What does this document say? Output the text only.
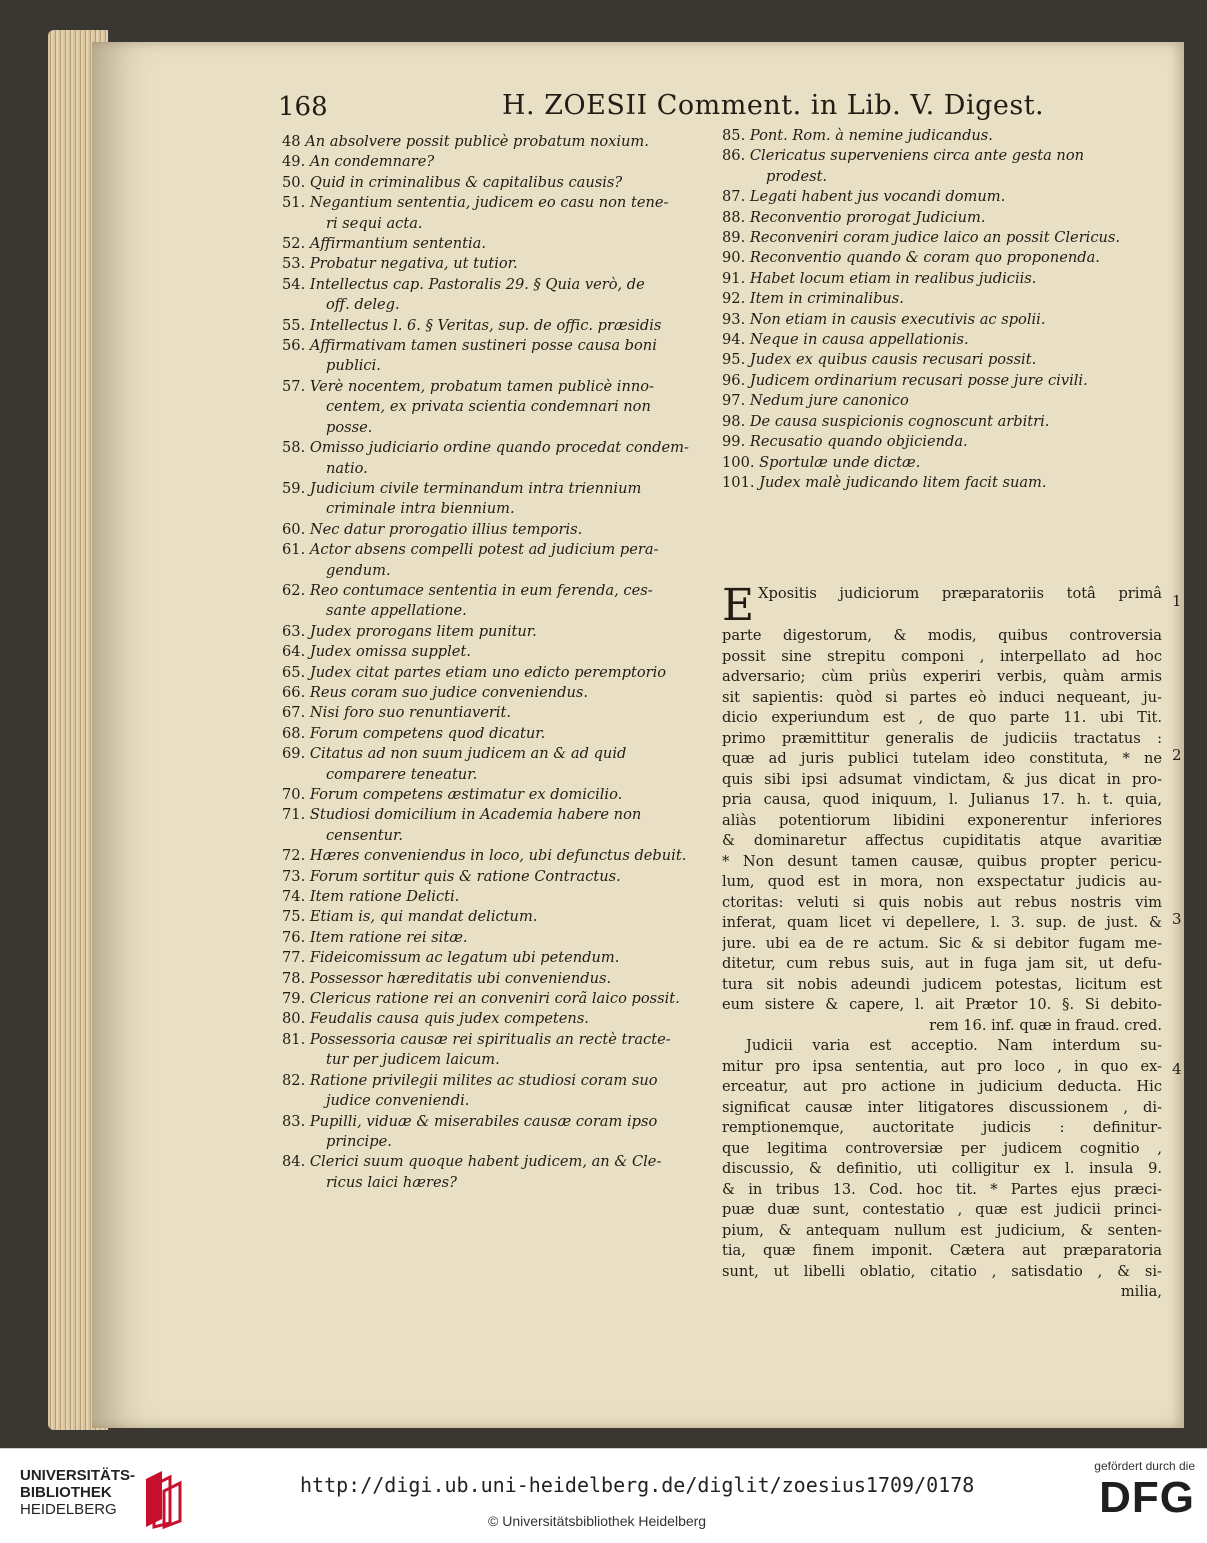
168	H. ZOESII Comment. in Lib. V. Digest.
48 An absolvere possit publicè probatum noxium.
49. An condemnare?
50. Quid in criminalibus & capitalibus causis?
51. Negantium sententia, judicem eo casu non tene-
ri sequi acta.
52. Affirmantium sententia.
53. Probatur negativa, ut tutior.
54. Intellectus cap. Pastoralis 29. § Quia verò, de
off. deleg.
55. Intellectus l. 6. § Veritas, sup. de offic. præsidis
56. Affirmativam tamen sustineri posse causa boni
publici.
57. Verè nocentem, probatum tamen publicè inno-
centem, ex privata scientia condemnari non
posse.
58. Omisso judiciario ordine quando procedat condem-
natio.
59. Judicium civile terminandum intra triennium
criminale intra biennium.
60. Nec datur prorogatio illius temporis.
61. Actor absens compelli potest ad judicium pera-
gendum.
62. Reo contumace sententia in eum ferenda, ces-
sante appellatione.
63. Judex prorogans litem punitur.
64. Judex omissa supplet.
65. Judex citat partes etiam uno edicto peremptorio
66. Reus coram suo judice conveniendus.
67. Nisi foro suo renuntiaverit.
68. Forum competens quod dicatur.
69. Citatus ad non suum judicem an & ad quid
comparere teneatur.
70. Forum competens æstimatur ex domicilio.
71. Studiosi domicilium in Academia habere non
censentur.
72. Hæres conveniendus in loco, ubi defunctus debuit.
73. Forum sortitur quis & ratione Contractus.
74. Item ratione Delicti.
75. Etiam is, qui mandat delictum.
76. Item ratione rei sitæ.
77. Fideicomissum ac legatum ubi petendum.
78. Possessor hæreditatis ubi conveniendus.
79. Clericus ratione rei an conveniri corã laico possit.
80. Feudalis causa quis judex competens.
81. Possessoria causæ rei spiritualis an rectè tracte-
tur per judicem laicum.
82. Ratione privilegii milites ac studiosi coram suo
judice conveniendi.
83. Pupilli, viduæ & miserabiles causæ coram ipso
principe.
84. Clerici suum quoque habent judicem, an & Cle-
ricus laici hæres?
85. Pont. Rom. à nemine judicandus.
86. Clericatus superveniens circa ante gesta non
prodest.
87. Legati habent jus vocandi domum.
88. Reconventio prorogat Judicium.
89. Reconveniri coram judice laico an possit Clericus.
90. Reconventio quando & coram quo proponenda.
91. Habet locum etiam in realibus judiciis.
92. Item in criminalibus.
93. Non etiam in causis executivis ac spolii.
94. Neque in causa appellationis.
95. Judex ex quibus causis recusari possit.
96. Judicem ordinarium recusari posse jure civili.
97. Nedum jure canonico
98. De causa suspicionis cognoscunt arbitri.
99. Recusatio quando objicienda.
100. Sportulæ unde dictæ.
101. Judex malè judicando litem facit suam.
E Xpositis judiciorum præparatoriis totâ primâ
parte digestorum, & modis, quibus controversia
possit sine strepitu componi , interpellato ad hoc
adversario; cùm priùs experiri verbis, quàm armis
sit sapientis: quòd si partes eò induci nequeant, ju-
dicio experiundum est , de quo parte 11. ubi Tit.
primo præmittitur generalis de judiciis tractatus :
quæ ad juris publici tutelam ideo constituta, * ne
quis sibi ipsi adsumat vindictam, & jus dicat in pro-
pria causa, quod iniquum, l. Julianus 17. h. t. quia,
aliàs potentiorum libidini exponerentur inferiores
& dominaretur affectus cupiditatis atque avaritiæ
* Non desunt tamen causæ, quibus propter pericu-
lum, quod est in mora, non exspectatur judicis au-
ctoritas: veluti si quis nobis aut rebus nostris vim
inferat, quam licet vi depellere, l. 3. sup. de just. &
jure. ubi ea de re actum. Sic & si debitor fugam me-
ditetur, cum rebus suis, aut in fuga jam sit, ut defu-
tura sit nobis adeundi judicem potestas, licitum est
eum sistere & capere, l. ait Prætor 10. §. Si debito-
rem 16. inf. quæ in fraud. cred.
Judicii varia est acceptio. Nam interdum su-
mitur pro ipsa sententia, aut pro loco , in quo ex-
erceatur, aut pro actione in judicium deducta. Hic
significat causæ inter litigatores discussionem , di-
remptionemque, auctoritate judicis : definitur-
que legitima controversiæ per judicem cognitio ,
discussio, & definitio, uti colligitur ex l. insula 9.
& in tribus 13. Cod. hoc tit. * Partes ejus præci-
puæ duæ sunt, contestatio , quæ est judicii princi-
pium, & antequam nullum est judicium, & senten-
tia, quæ finem imponit. Cætera aut præparatoria
sunt, ut libelli oblatio, citatio , satisdatio , & si-
milia,
1
2
3
4
UNIVERSITÄTS-
BIBLIOTHEK
HEIDELBERG
http://digi.ub.uni-heidelberg.de/diglit/zoesius1709/0178
© Universitätsbibliothek Heidelberg
gefördert durch die
DFG
